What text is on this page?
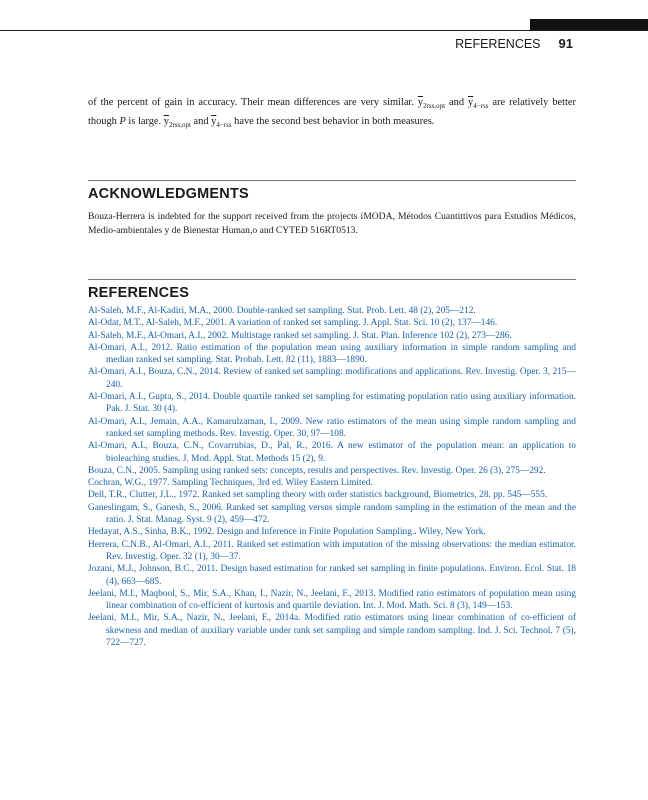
REFERENCES 91

of the percent of gain in accuracy. Their mean differences are very similar. $\overline{y}_{2rss,opt}$ and $\overline{y}_{4-rss}$ are relatively better though P is large. $\overline{y}_{2rss,opt}$ and $\overline{y}_{4-rss}$ have the second best behavior in both measures.

ACKNOWLEDGMENTS

Bouza-Herrera is indebted for the support received from the projects iMODA, Métodos Cuantittivos para Estudios Médicos, Medio-ambientales y de Bienestar Human,o and CYTED 516RT0513.

REFERENCES
Al-Saleh, M.F., Al-Kadiri, M.A., 2000. Double-ranked set sampling. Stat. Prob. Lett. 48 (2), 205—212.
Al-Odat, M.T., Al-Saleh, M.F., 2001. A variation of ranked set sampling. J. Appl. Stat. Sci. 10 (2), 137—146.
Al-Saleh, M.F., Al-Omari, A.I., 2002. Multistage ranked set sampling. J. Stat. Plan. Inference 102 (2), 273—286.
Al-Omari, A.I., 2012. Ratio estimation of the population mean using auxiliary information in simple random sampling and median ranked set sampling. Stat. Probab. Lett. 82 (11), 1883—1890.
Al-Omari, A.I., Bouza, C.N., 2014. Review of ranked set sampling: modifications and applications. Rev. Investig. Oper. 3, 215—240.
Al-Omari, A.I., Gupta, S., 2014. Double quartile ranked set sampling for estimating population ratio using auxiliary information. Pak. J. Stat. 30 (4).
Al-Omari, A.I., Jemain, A.A., Kamarulzaman, I., 2009. New ratio estimators of the mean using simple random sampling and ranked set sampling methods. Rev. Investig. Oper. 30, 97—108.
Al-Omari, A.I., Bouza, C.N., Covarrubias, D., Pal, R., 2016. A new estimator of the population mean: an application to bioleaching studies. J. Mod. Appl. Stat. Methods 15 (2), 9.
Bouza, C.N., 2005. Sampling using ranked sets: concepts, results and perspectives. Rev. Investig. Oper. 26 (3), 275—292.
Cochran, W.G., 1977. Sampling Techniques, 3rd ed. Wiley Eastern Limited.
Dell, T.R., Clutter, J.L., 1972. Ranked set sampling theory with order statistics background, Biometrics, 28. pp. 545—555.
Ganeslingam, S., Ganesh, S., 2006. Ranked set sampling versus simple random sampling in the estimation of the mean and the ratio. J. Stat. Manag. Syst. 9 (2), 459—472.
Hedayat, A.S., Sinha, B.K., 1992. Design and Inference in Finite Population Sampling.. Wiley, New York.
Herrera, C.N.B., Al-Omari, A.I., 2011. Ranked set estimation with imputation of the missing observations: the median estimator. Rev. Investig. Oper. 32 (1), 30—37.
Jozani, M.J., Johnson, B.C., 2011. Design based estimation for ranked set sampling in finite populations. Environ. Ecol. Stat. 18 (4), 663—685.
Jeelani, M.I., Maqbool, S., Mir, S.A., Khan, I., Nazir, N., Jeelani, F., 2013. Modified ratio estimators of population mean using linear combination of co-efficient of kurtosis and quartile deviation. Int. J. Mod. Math. Sci. 8 (3), 149—153.
Jeelani, M.I., Mir, S.A., Nazir, N., Jeelani, F., 2014a. Modified ratio estimators using linear combination of co-efficient of skewness and median of auxiliary variable under rank set sampling and simple random sampling. Ind. J. Sci. Technol. 7 (5), 722—727.
